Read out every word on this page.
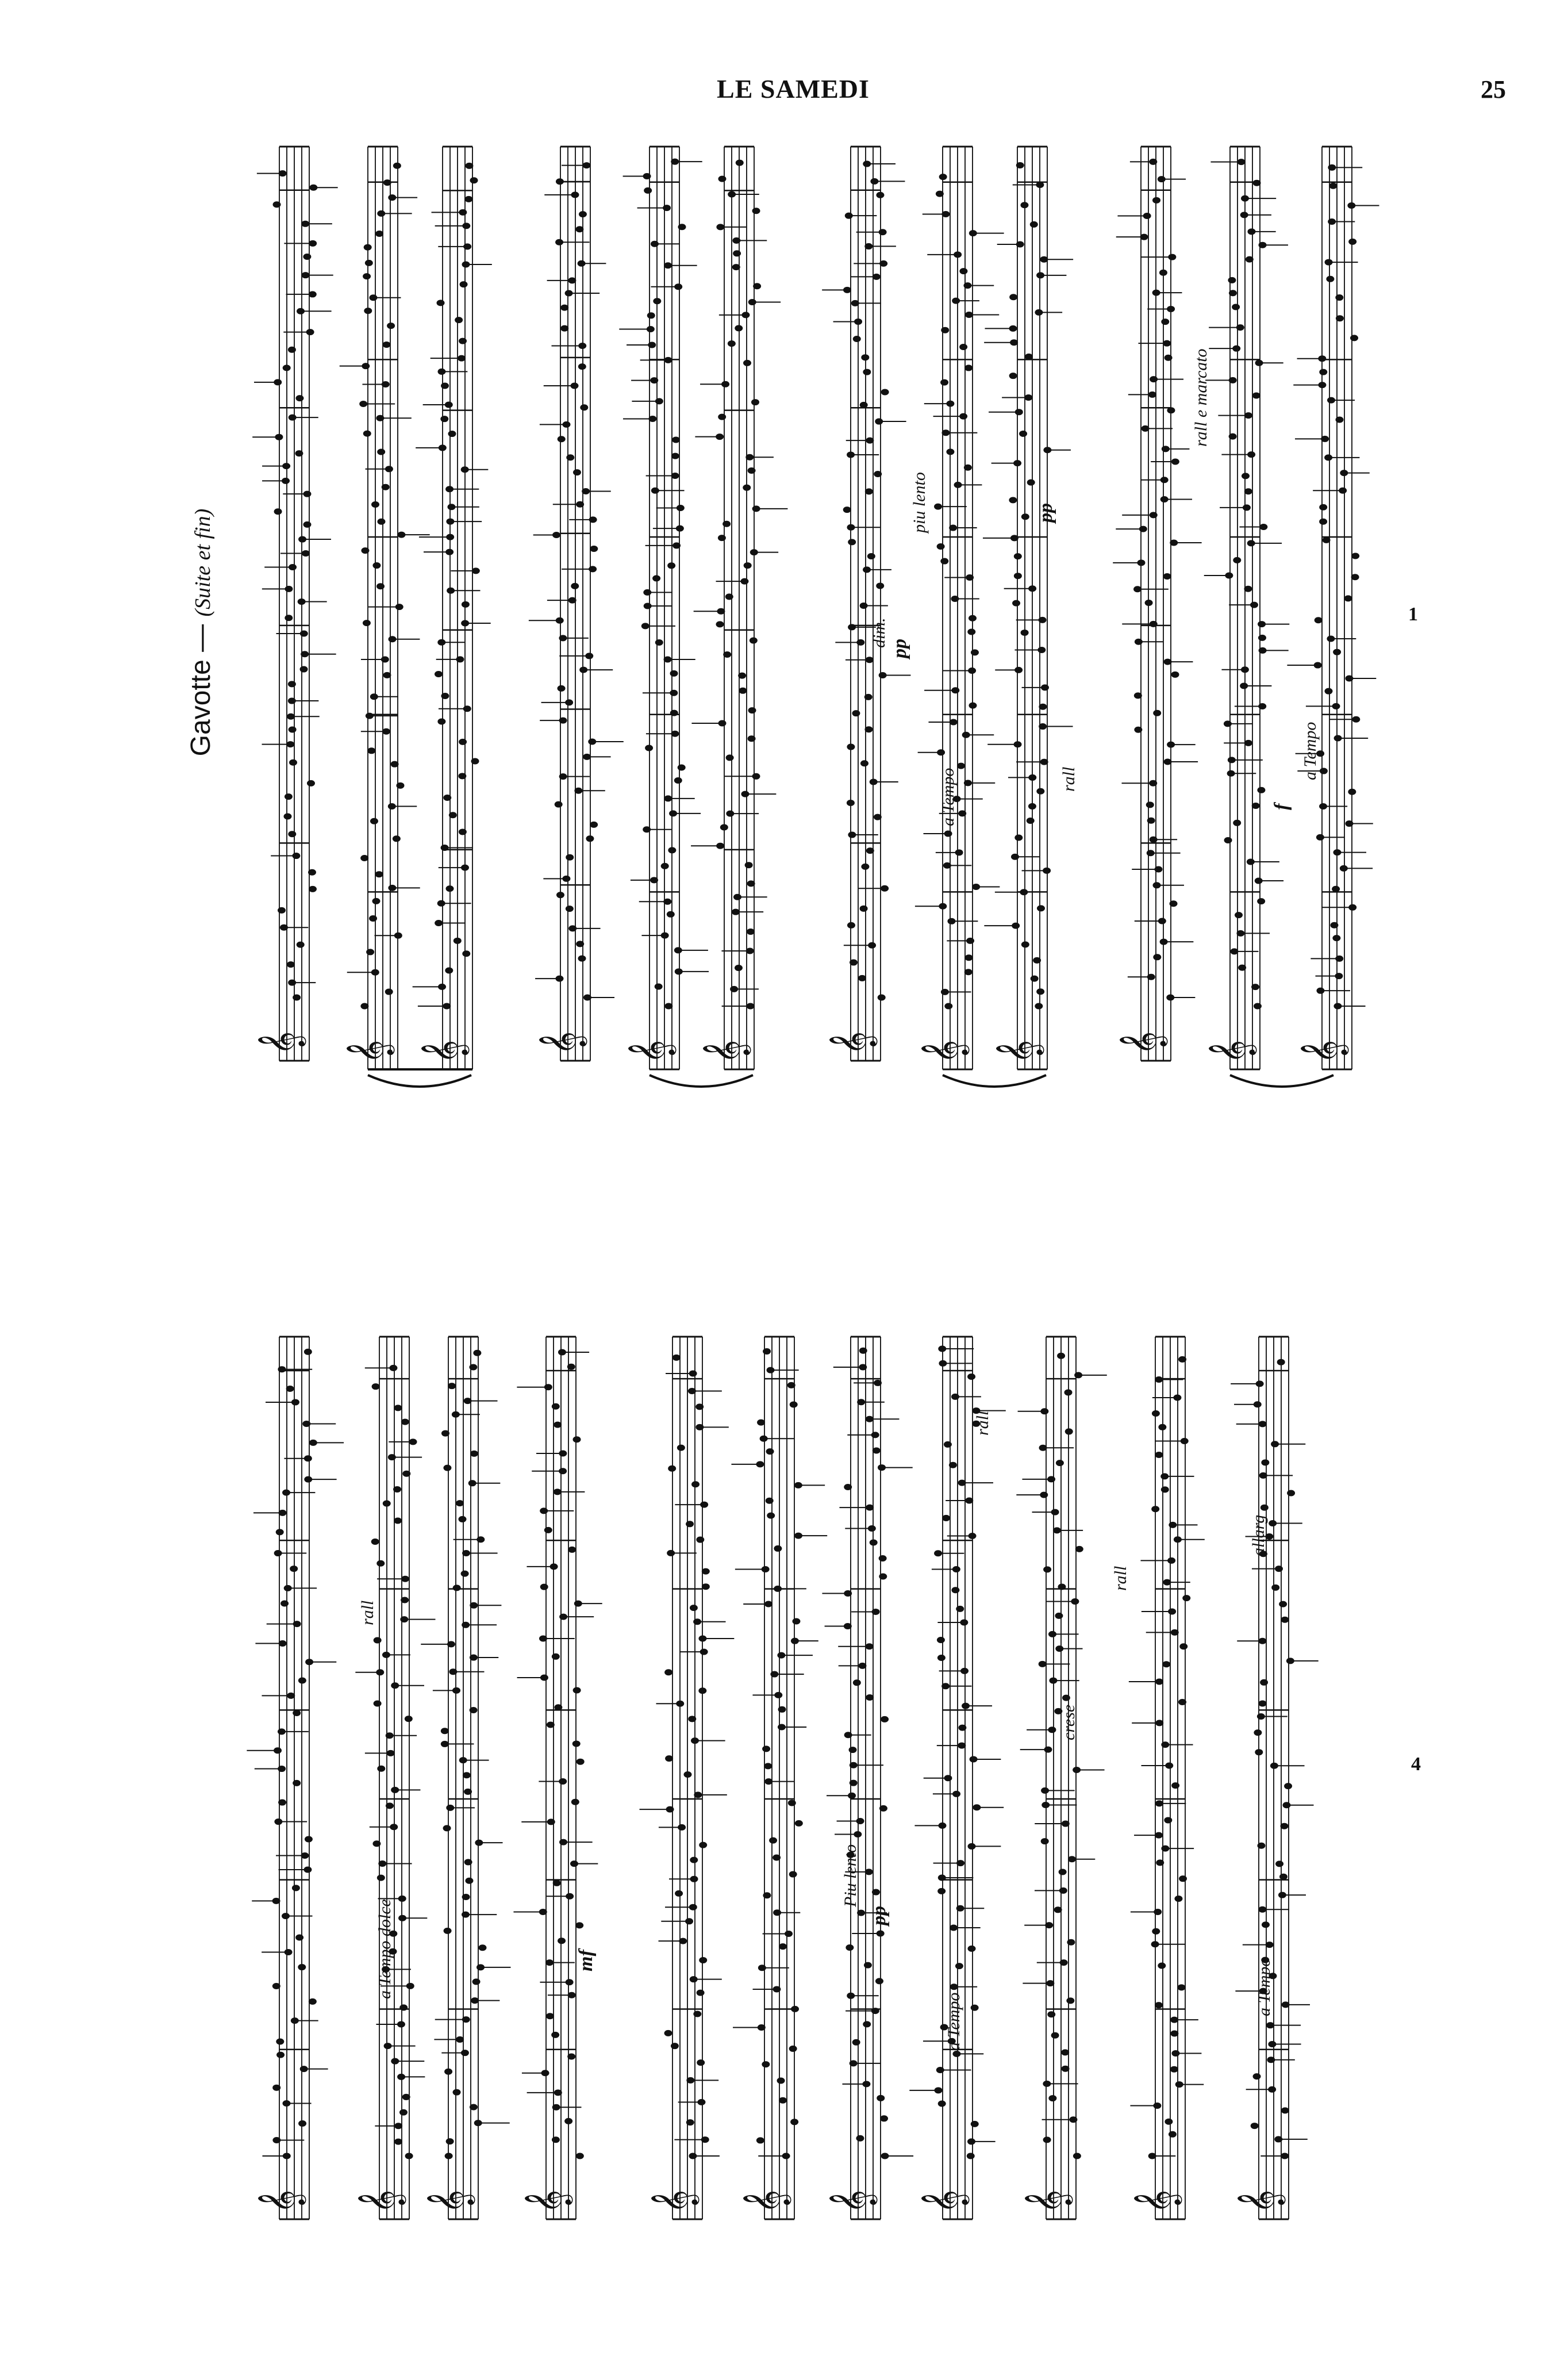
LE SAMEDI	25
Gavotte — (Suite et fin)
𝄞 𝄞 𝄞 𝄞 𝄞 𝄞 𝄞 𝄞 𝄞 𝄞 𝄞 𝄞
𝄞 𝄞 𝄞 𝄞 𝄞 𝄞 𝄞 𝄞 𝄞 𝄞 𝄞
dim.
pp
piu lento	pp
a Tempo	rall
rall e marcato
a Tempo
f
1
rall
a Tempo dolce	mf
Piu lento
pp
a Tempo
rall
crese
rall
allarg
a Tempo
4
